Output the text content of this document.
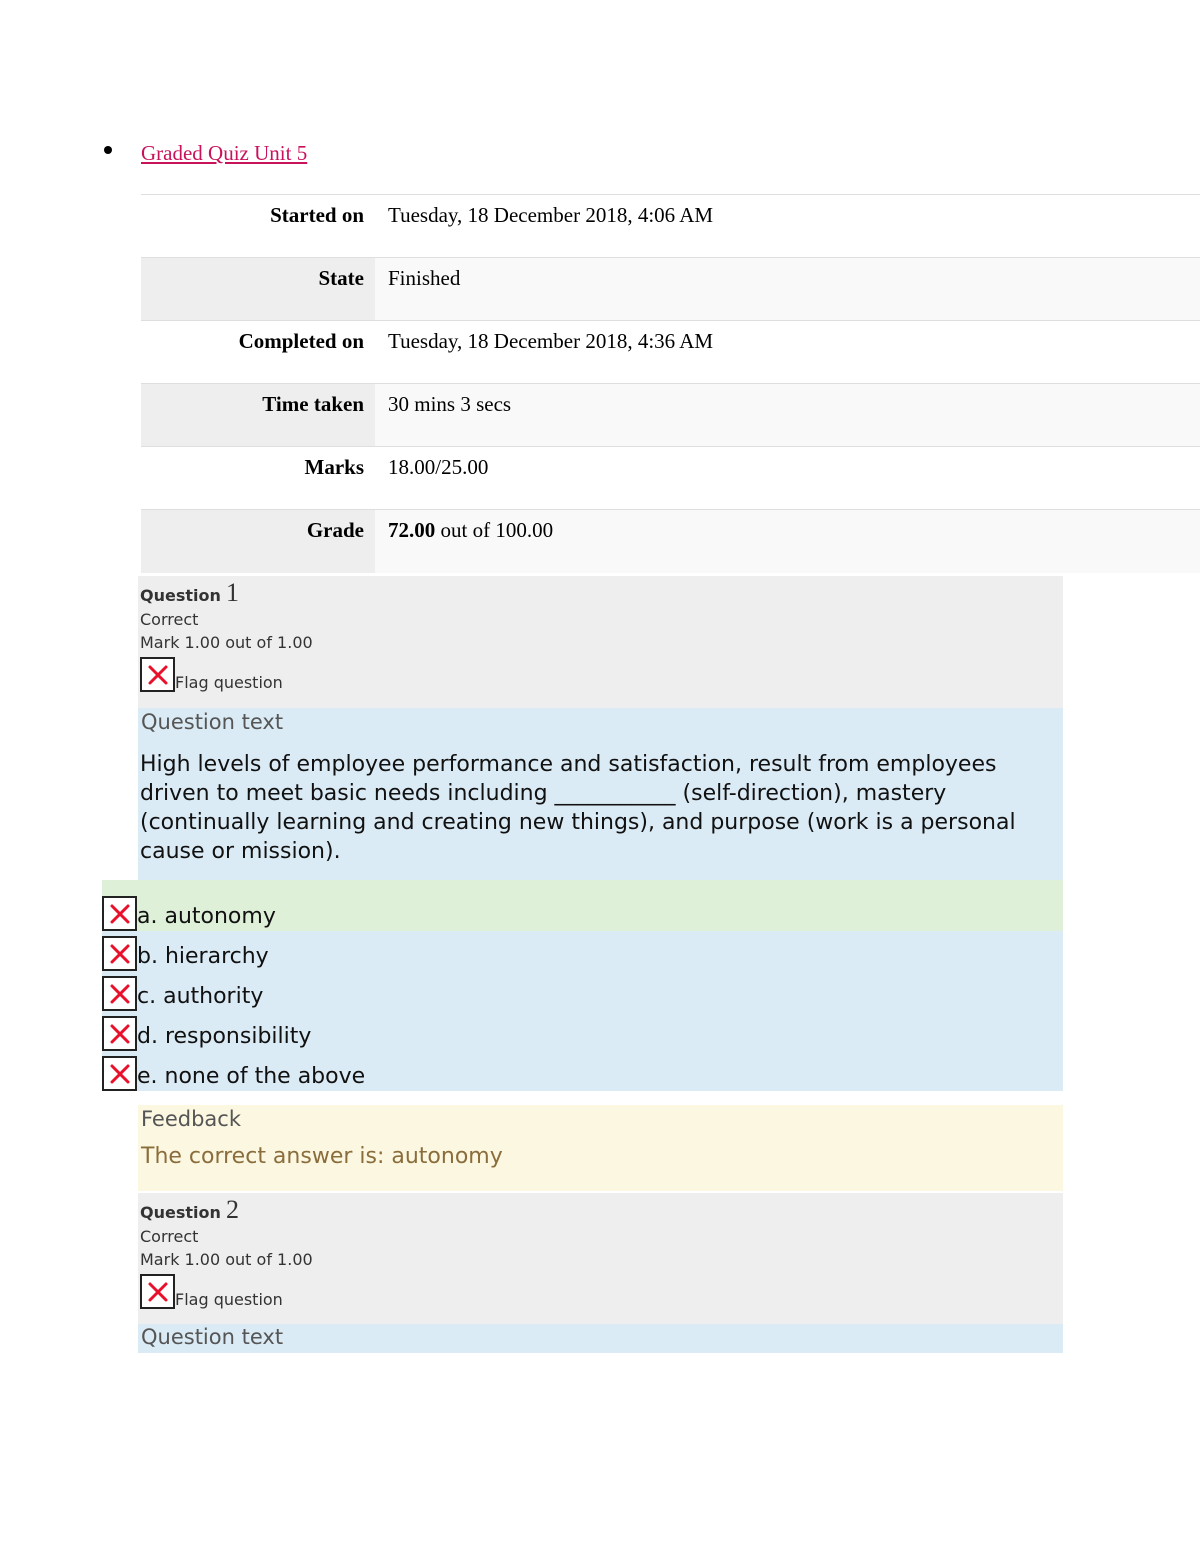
Graded Quiz Unit 5
Started on	Tuesday, 18 December 2018, 4:06 AM
State	Finished
Completed on	Tuesday, 18 December 2018, 4:36 AM
Time taken	30 mins 3 secs
Marks	18.00/25.00
Grade	72.00 out of 100.00
Question 1
Correct
Mark 1.00 out of 1.00
Flag question
Question text
High levels of employee performance and satisfaction, result from employees driven to meet basic needs including ___________ (self-direction), mastery (continually learning and creating new things), and purpose (work is a personal cause or mission).
a. autonomy
b. hierarchy
c. authority
d. responsibility
e. none of the above
Feedback
The correct answer is: autonomy
Question 2
Correct
Mark 1.00 out of 1.00
Flag question
Question text
